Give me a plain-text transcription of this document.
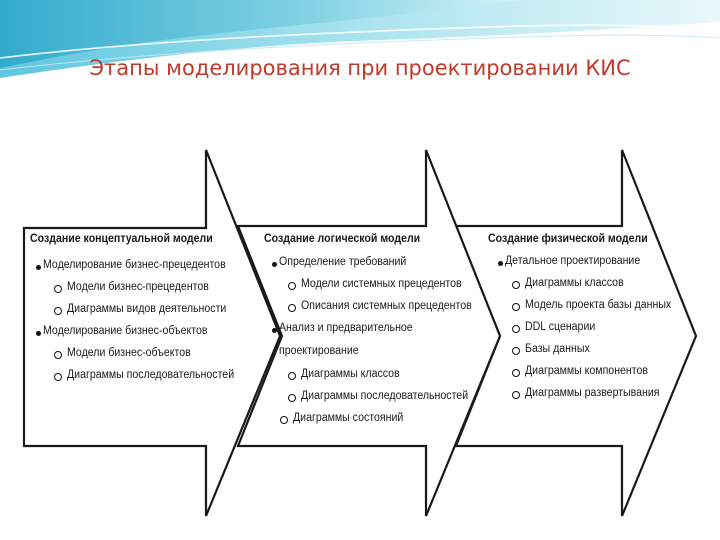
Этапы моделирования при проектировании КИС
Создание концептуальной модели
Моделирование бизнес-прецедентов
Модели бизнес-прецедентов
Диаграммы видов деятельности
Моделирование бизнес-объектов
Модели бизнес-объектов
Диаграммы последовательностей
Создание логической модели
Определение требований
Модели системных прецедентов
Описания системных прецедентов
Анализ и предварительное
проектирование
Диаграммы классов
Диаграммы последовательностей
Диаграммы состояний
Создание физической модели
Детальное проектирование
Диаграммы классов
Модель проекта базы данных
DDL сценарии
Базы данных
Диаграммы компонентов
Диаграммы развертывания
